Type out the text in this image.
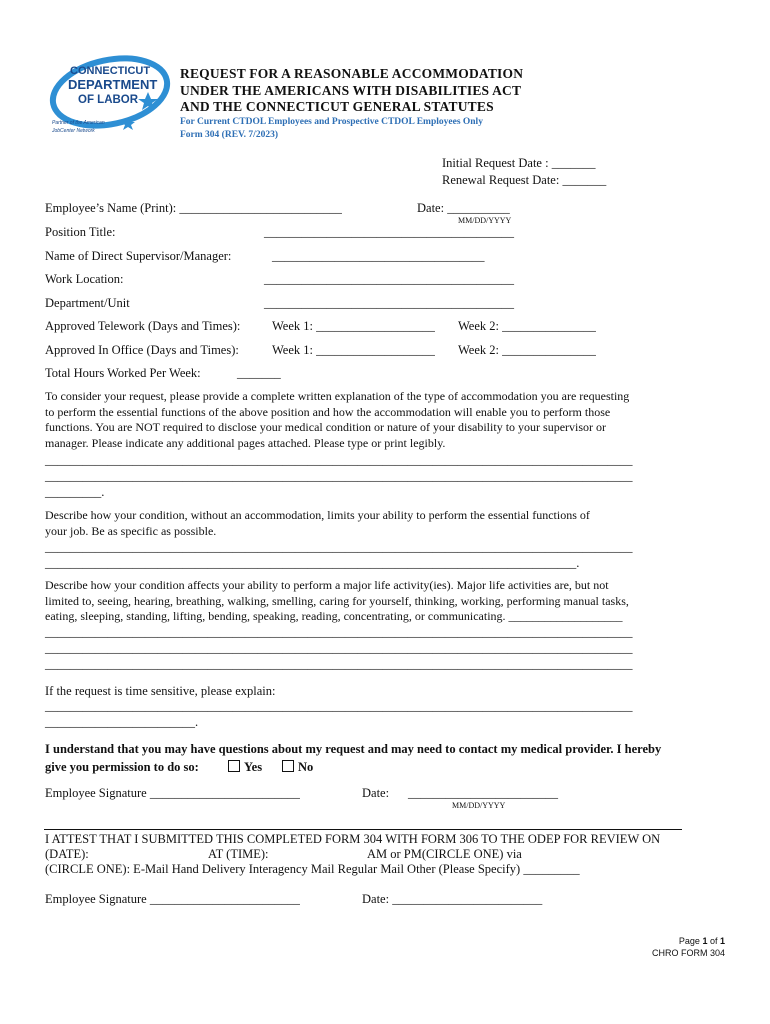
CONNECTICUT
DEPARTMENT
OF LABOR
Partner of the American
JobCenter Network
REQUEST FOR A REASONABLE ACCOMMODATION
UNDER THE AMERICANS WITH DISABILITIES ACT
AND THE CONNECTICUT GENERAL STATUTES
For Current CTDOL Employees and Prospective CTDOL Employees Only
Form 304 (REV. 7/2023)
Initial Request Date : _______
Renewal Request Date: _______
Employee’s Name (Print): __________________________	Date: __________
MM/DD/YYYY
Position Title:	________________________________________
Name of Direct Supervisor/Manager:	__________________________________
Work Location:	________________________________________
Department/Unit	________________________________________
Approved Telework (Days and Times):	Week 1: ___________________ Week 2: _______________
Approved In Office (Days and Times):	Week 1: ___________________ Week 2: _______________
Total Hours Worked Per Week:	_______
To consider your request, please provide a complete written explanation of the type of accommodation you are requesting
to perform the essential functions of the above position and how the accommodation will enable you to perform those
functions. You are NOT required to disclose your medical condition or nature of your disability to your supervisor or
manager. Please indicate any additional pages attached. Please type or print legibly.
______________________________________________________________________________________________
______________________________________________________________________________________________
_________.
Describe how your condition, without an accommodation, limits your ability to perform the essential functions of
your job. Be as specific as possible.
______________________________________________________________________________________________
_____________________________________________________________________________________.
Describe how your condition affects your ability to perform a major life activity(ies). Major life activities are, but not
limited to, seeing, hearing, breathing, walking, smelling, caring for yourself, thinking, working, performing manual tasks,
eating, sleeping, standing, lifting, bending, speaking, reading, concentrating, or communicating. ___________________
______________________________________________________________________________________________
______________________________________________________________________________________________
______________________________________________________________________________________________
If the request is time sensitive, please explain:
______________________________________________________________________________________________
________________________.
I understand that you may have questions about my request and may need to contact my medical provider. I hereby
give you permission to do so:	Yes	No
Employee Signature ________________________	Date: ________________________
MM/DD/YYYY
I ATTEST THAT I SUBMITTED THIS COMPLETED FORM 304 WITH FORM 306 TO THE ODEP FOR REVIEW ON
(DATE):	AT (TIME):	AM or PM(CIRCLE ONE) via
(CIRCLE ONE): E-Mail Hand Delivery Interagency Mail Regular Mail Other (Please Specify) _________
Employee Signature ________________________	Date: ________________________
Page 1 of 1
CHRO FORM 304
